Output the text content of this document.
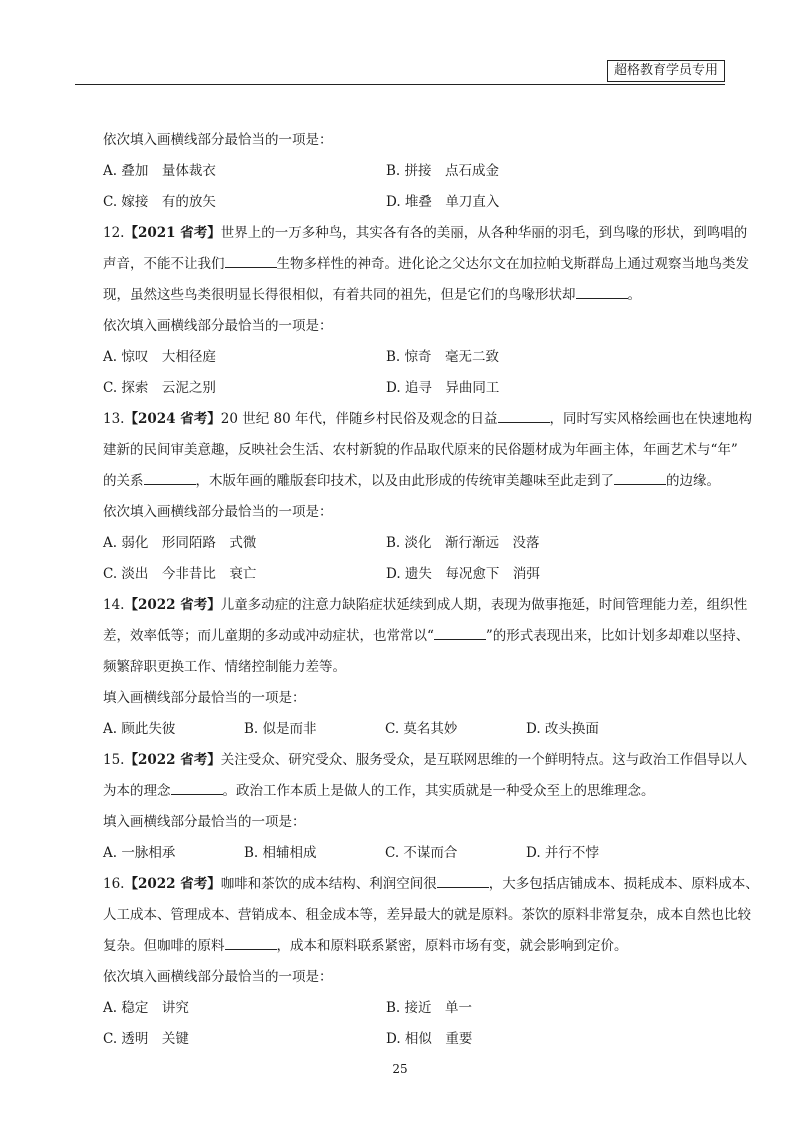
超格教育学员专用
依次填入画横线部分最恰当的一项是：
A. 叠加　量体裁衣	B. 拼接　点石成金
C. 嫁接　有的放矢	D. 堆叠　单刀直入
12.【2021 省考】世界上的一万多种鸟，其实各有各的美丽，从各种华丽的羽毛，到鸟喙的形状，到鸣唱的
声音，不能不让我们	生物多样性的神奇。进化论之父达尔文在加拉帕戈斯群岛上通过观察当地鸟类发
现，虽然这些鸟类很明显长得很相似，有着共同的祖先，但是它们的鸟喙形状却	。
依次填入画横线部分最恰当的一项是：
A. 惊叹　大相径庭	B. 惊奇　毫无二致
C. 探索　云泥之别	D. 追寻　异曲同工
13.【2024 省考】20 世纪 80 年代，伴随乡村民俗及观念的日益	，同时写实风格绘画也在快速地构
建新的民间审美意趣，反映社会生活、农村新貌的作品取代原来的民俗题材成为年画主体，年画艺术与“年”
的关系	，木版年画的雕版套印技术，以及由此形成的传统审美趣味至此走到了	的边缘。
依次填入画横线部分最恰当的一项是：
A. 弱化　形同陌路　式微	B. 淡化　渐行渐远　没落
C. 淡出　今非昔比　衰亡	D. 遗失　每况愈下　消弭
14.【2022 省考】儿童多动症的注意力缺陷症状延续到成人期，表现为做事拖延，时间管理能力差，组织性
差，效率低等；而儿童期的多动或冲动症状，也常常以“	”的形式表现出来，比如计划多却难以坚持、
频繁辞职更换工作、情绪控制能力差等。
填入画横线部分最恰当的一项是：
A. 顾此失彼	B. 似是而非	C. 莫名其妙	D. 改头换面
15.【2022 省考】关注受众、研究受众、服务受众，是互联网思维的一个鲜明特点。这与政治工作倡导以人
为本的理念	。政治工作本质上是做人的工作，其实质就是一种受众至上的思维理念。
填入画横线部分最恰当的一项是：
A. 一脉相承	B. 相辅相成	C. 不谋而合	D. 并行不悖
16.【2022 省考】咖啡和茶饮的成本结构、利润空间很	，大多包括店铺成本、损耗成本、原料成本、
人工成本、管理成本、营销成本、租金成本等，差异最大的就是原料。茶饮的原料非常复杂，成本自然也比较
复杂。但咖啡的原料	，成本和原料联系紧密，原料市场有变，就会影响到定价。
依次填入画横线部分最恰当的一项是：
A. 稳定　讲究	B. 接近　单一
C. 透明　关键	D. 相似　重要
25
